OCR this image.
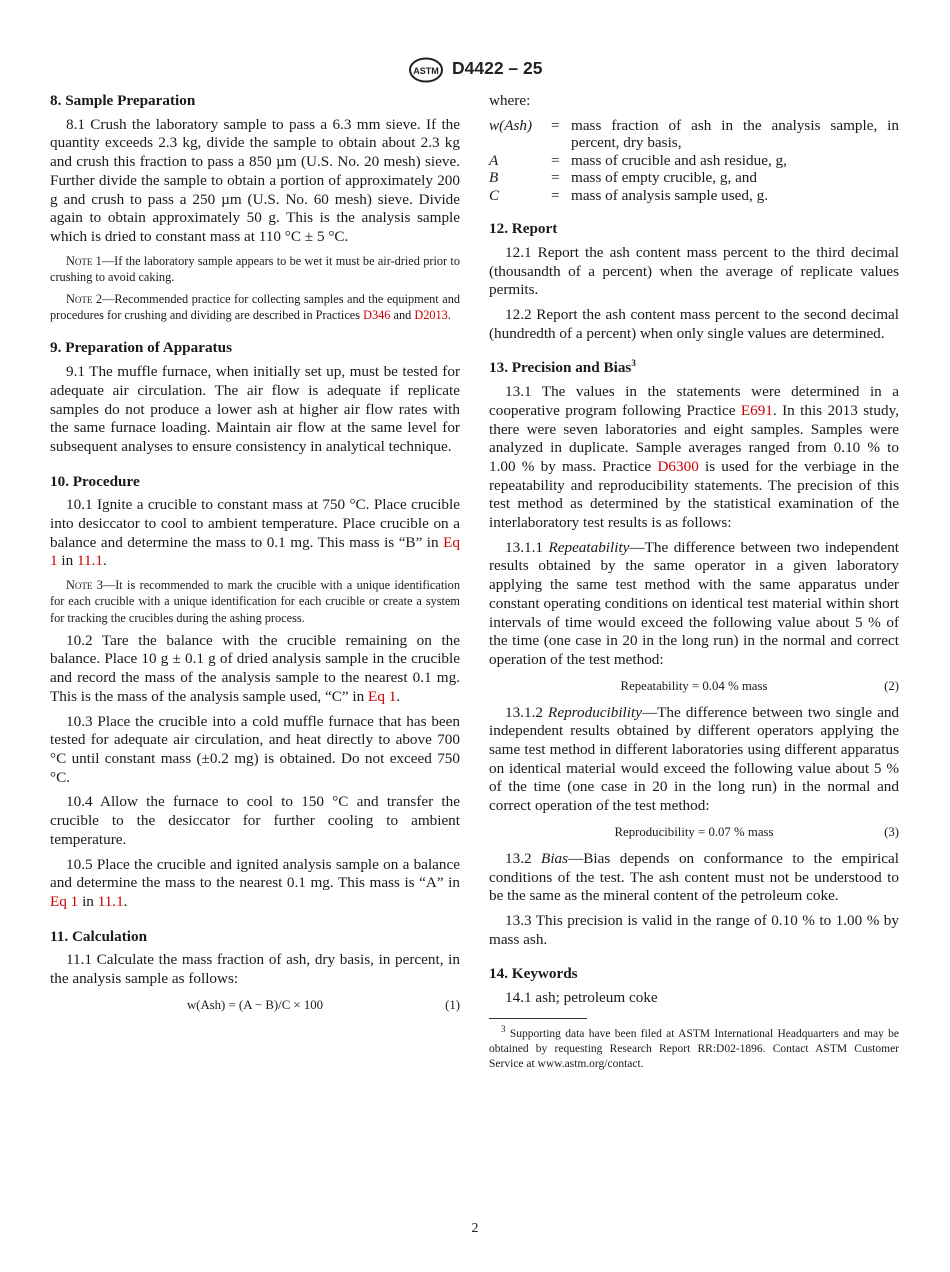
ASTM D4422 – 25
8. Sample Preparation

8.1 Crush the laboratory sample to pass a 6.3 mm sieve. If the quantity exceeds 2.3 kg, divide the sample to obtain about 2.3 kg and crush this fraction to pass a 850 µm (U.S. No. 20 mesh) sieve. Further divide the sample to obtain a portion of approximately 200 g and crush to pass a 250 µm (U.S. No. 60 mesh) sieve. Divide again to obtain approximately 50 g. This is the analysis sample which is dried to constant mass at 110 °C ± 5 °C.

Note 1—If the laboratory sample appears to be wet it must be air-dried prior to crushing to avoid caking.
Note 2—Recommended practice for collecting samples and the equipment and procedures for crushing and dividing are described in Practices D346 and D2013.
9. Preparation of Apparatus

9.1 The muffle furnace, when initially set up, must be tested for adequate air circulation. The air flow is adequate if replicate samples do not produce a lower ash at higher air flow rates with the same furnace loading. Maintain air flow at the same level for subsequent analyses to ensure consistency in analytical technique.

10. Procedure

10.1 Ignite a crucible to constant mass at 750 °C. Place crucible into desiccator to cool to ambient temperature. Place crucible on a balance and determine the mass to 0.1 mg. This mass is “B” in Eq 1 in 11.1.

Note 3—It is recommended to mark the crucible with a unique identification for each crucible with a unique identification for each crucible or create a system for tracking the crucibles during the ashing process.

10.2 Tare the balance with the crucible remaining on the balance. Place 10 g ± 0.1 g of dried analysis sample in the crucible and record the mass of the analysis sample to the nearest 0.1 mg. This is the mass of the analysis sample used, “C” in Eq 1.

10.3 Place the crucible into a cold muffle furnace that has been tested for adequate air circulation, and heat directly to above 700 °C until constant mass (±0.2 mg) is obtained. Do not exceed 750 °C.

10.4 Allow the furnace to cool to 150 °C and transfer the crucible to the desiccator for further cooling to ambient temperature.

10.5 Place the crucible and ignited analysis sample on a balance and determine the mass to the nearest 0.1 mg. This mass is “A” in Eq 1 in 11.1.

11. Calculation

11.1 Calculate the mass fraction of ash, dry basis, in percent, in the analysis sample as follows:

w(Ash) = (A − B)/C × 100	(1)

where:

w(Ash)	= mass fraction of ash in the analysis sample, in percent, dry basis,
A	= mass of crucible and ash residue, g,
B	= mass of empty crucible, g, and
C	= mass of analysis sample used, g.
12. Report

12.1 Report the ash content mass percent to the third decimal (thousandth of a percent) when the average of replicate values permits.

12.2 Report the ash content mass percent to the second decimal (hundredth of a percent) when only single values are determined.

13. Precision and Bias$^3$

13.1 The values in the statements were determined in a cooperative program following Practice E691. In this 2013 study, there were seven laboratories and eight samples. Samples were analyzed in duplicate. Sample averages ranged from 0.10 % to 1.00 % by mass. Practice D6300 is used for the verbiage in the repeatability and reproducibility statements. The precision of this test method as determined by the statistical examination of the interlaboratory test results is as follows:

13.1.1 Repeatability—The difference between two independent results obtained by the same operator in a given laboratory applying the same test method with the same apparatus under constant operating conditions on identical test material within short intervals of time would exceed the following value about 5 % of the time (one case in 20 in the long run) in the normal and correct operation of the test method:

Repeatability = 0.04 % mass	(2)

13.1.2 Reproducibility—The difference between two single and independent results obtained by different operators applying the same test method in different laboratories using different apparatus on identical material would exceed the following value about 5 % of the time (one case in 20 in the long run) in the normal and correct operation of the test method:

Reproducibility = 0.07 % mass	(3)

13.2 Bias—Bias depends on conformance to the empirical conditions of the test. The ash content must not be understood to be the same as the mineral content of the petroleum coke.

13.3 This precision is valid in the range of 0.10 % to 1.00 % by mass ash.

14. Keywords

14.1 ash; petroleum coke

$^3$ Supporting data have been filed at ASTM International Headquarters and may be obtained by requesting Research Report RR:D02-1896. Contact ASTM Customer Service at www.astm.org/contact.

2
